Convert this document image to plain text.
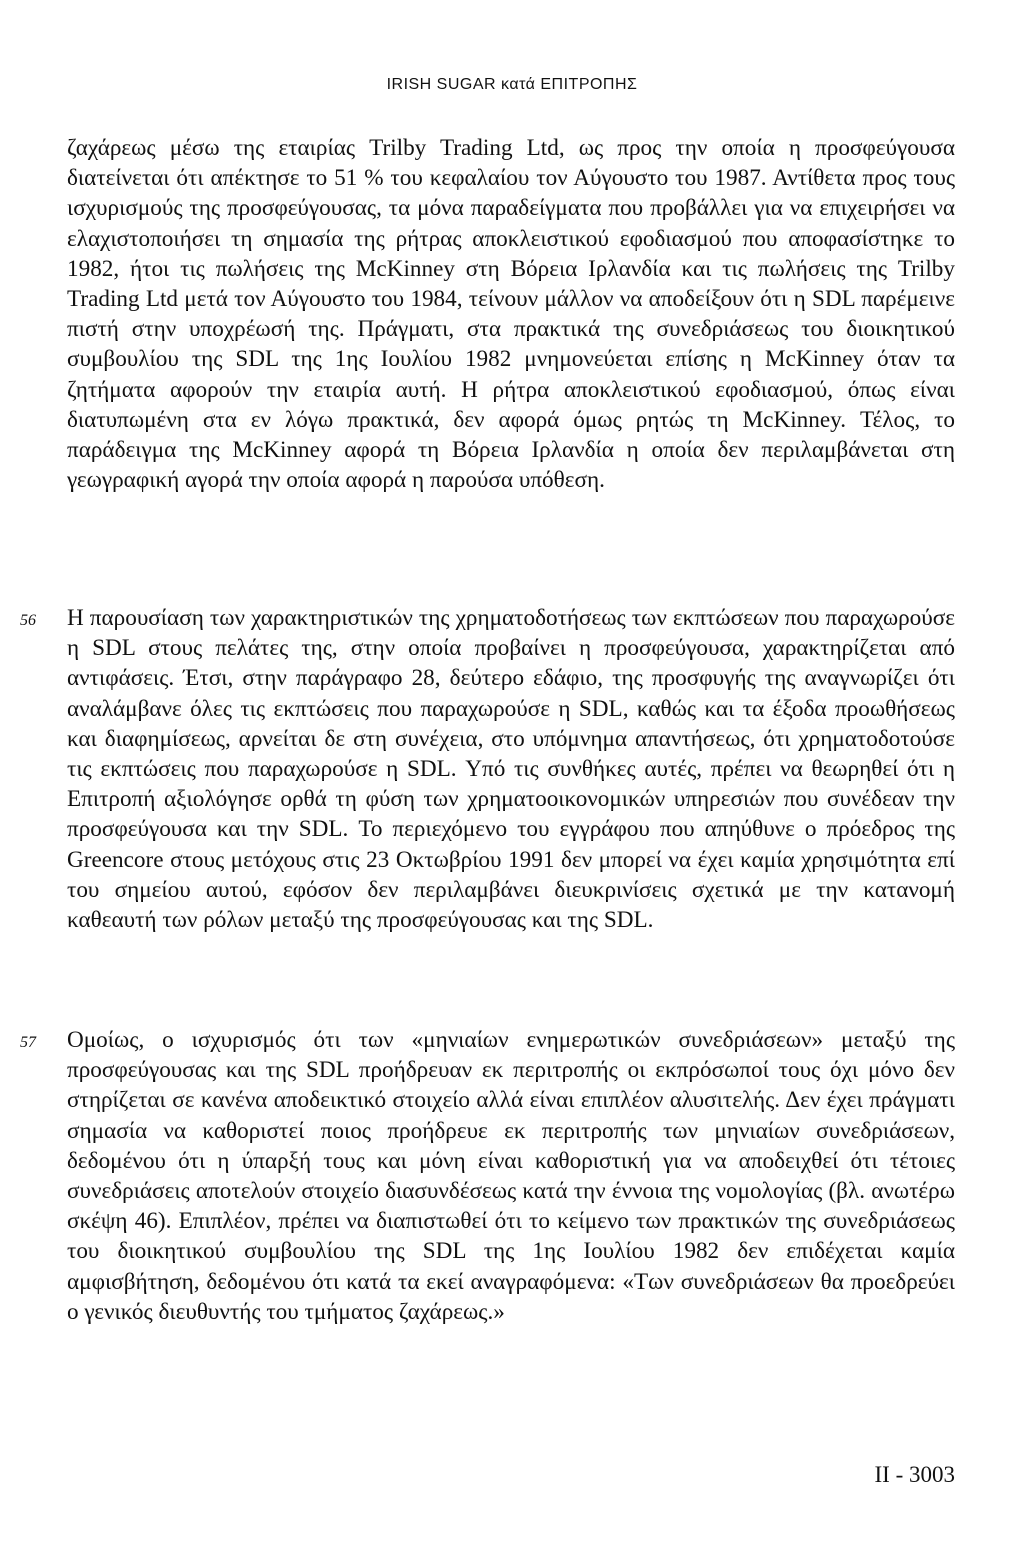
IRISH SUGAR κατά ΕΠΙΤΡΟΠΗΣ

ζαχάρεως μέσω της εταιρίας Trilby Trading Ltd, ως προς την οποία η προσφεύγουσα διατείνεται ότι απέκτησε το 51 % του κεφαλαίου τον Αύγουστο του 1987. Αντίθετα προς τους ισχυρισμούς της προσφεύγουσας, τα μόνα παραδείγματα που προβάλλει για να επιχειρήσει να ελαχιστοποιήσει τη σημασία της ρήτρας αποκλειστικού εφοδιασμού που αποφασίστηκε το 1982, ήτοι τις πωλήσεις της McKinney στη Βόρεια Ιρλανδία και τις πωλήσεις της Trilby Trading Ltd μετά τον Αύγουστο του 1984, τείνουν μάλλον να αποδείξουν ότι η SDL παρέμεινε πιστή στην υποχρέωσή της. Πράγματι, στα πρακτικά της συνεδριάσεως του διοικητικού συμβουλίου της SDL της 1ης Ιουλίου 1982 μνημονεύεται επίσης η McKinney όταν τα ζητήματα αφορούν την εταιρία αυτή. Η ρήτρα αποκλειστικού εφοδιασμού, όπως είναι διατυπωμένη στα εν λόγω πρακτικά, δεν αφορά όμως ρητώς τη McKinney. Τέλος, το παράδειγμα της McKinney αφορά τη Βόρεια Ιρλανδία η οποία δεν περιλαμβάνεται στη γεωγραφική αγορά την οποία αφορά η παρούσα υπόθεση.

56 Η παρουσίαση των χαρακτηριστικών της χρηματοδοτήσεως των εκπτώσεων που παραχωρούσε η SDL στους πελάτες της, στην οποία προβαίνει η προσφεύγουσα, χαρακτηρίζεται από αντιφάσεις. Έτσι, στην παράγραφο 28, δεύτερο εδάφιο, της προσφυγής της αναγνωρίζει ότι αναλάμβανε όλες τις εκπτώσεις που παραχωρούσε η SDL, καθώς και τα έξοδα προωθήσεως και διαφημίσεως, αρνείται δε στη συνέχεια, στο υπόμνημα απαντήσεως, ότι χρηματοδοτούσε τις εκπτώσεις που παραχωρούσε η SDL. Υπό τις συνθήκες αυτές, πρέπει να θεωρηθεί ότι η Επιτροπή αξιολόγησε ορθά τη φύση των χρηματοοικονομικών υπηρεσιών που συνέδεαν την προσφεύγουσα και την SDL. Το περιεχόμενο του εγγράφου που απηύθυνε ο πρόεδρος της Greencore στους μετόχους στις 23 Οκτωβρίου 1991 δεν μπορεί να έχει καμία χρησιμότητα επί του σημείου αυτού, εφόσον δεν περιλαμβάνει διευκρινίσεις σχετικά με την κατανομή καθεαυτή των ρόλων μεταξύ της προσφεύγουσας και της SDL.

57 Ομοίως, ο ισχυρισμός ότι των «μηνιαίων ενημερωτικών συνεδριάσεων» μεταξύ της προσφεύγουσας και της SDL προήδρευαν εκ περιτροπής οι εκπρόσωποί τους όχι μόνο δεν στηρίζεται σε κανένα αποδεικτικό στοιχείο αλλά είναι επιπλέον αλυσιτελής. Δεν έχει πράγματι σημασία να καθοριστεί ποιος προήδρευε εκ περιτροπής των μηνιαίων συνεδριάσεων, δεδομένου ότι η ύπαρξή τους και μόνη είναι καθοριστική για να αποδειχθεί ότι τέτοιες συνεδριάσεις αποτελούν στοιχείο διασυνδέσεως κατά την έννοια της νομολογίας (βλ. ανωτέρω σκέψη 46). Επιπλέον, πρέπει να διαπιστωθεί ότι το κείμενο των πρακτικών της συνεδριάσεως του διοικητικού συμβουλίου της SDL της 1ης Ιουλίου 1982 δεν επιδέχεται καμία αμφισβήτηση, δεδομένου ότι κατά τα εκεί αναγραφόμενα: «Των συνεδριάσεων θα προεδρεύει ο γενικός διευθυντής του τμήματος ζαχάρεως.»

II - 3003
